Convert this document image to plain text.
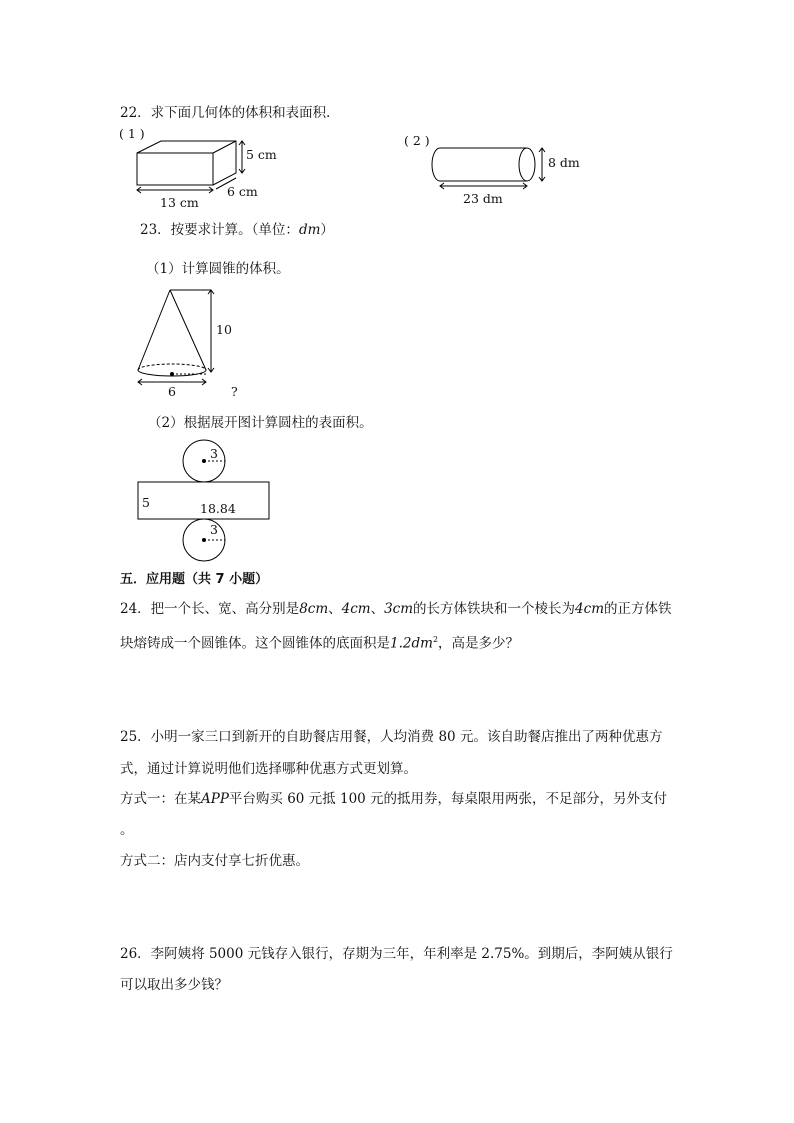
22．求下面几何体的体积和表面积．
( 1 )
5 cm
6 cm
13 cm
( 2 )
8 dm
23 dm
23．按要求计算。（单位：dm）
（1）计算圆锥的体积。
10
6	?
（2）根据展开图计算圆柱的表面积。
3
5	18.84
3
五．应用题（共 7 小题）
24．把一个长、宽、高分别是8cm、4cm、3cm的长方体铁块和一个棱长为4cm的正方体铁
块熔铸成一个圆锥体。这个圆锥体的底面积是$1.2dm^2$，高是多少？
25．小明一家三口到新开的自助餐店用餐，人均消费 80 元。该自助餐店推出了两种优惠方
式，通过计算说明他们选择哪种优惠方式更划算。
方式一：在某APP平台购买 60 元抵 100 元的抵用券，每桌限用两张，不足部分，另外支付
。
方式二：店内支付享七折优惠。
26．李阿姨将 5000 元钱存入银行，存期为三年，年利率是 2.75%。到期后，李阿姨从银行
可以取出多少钱？
